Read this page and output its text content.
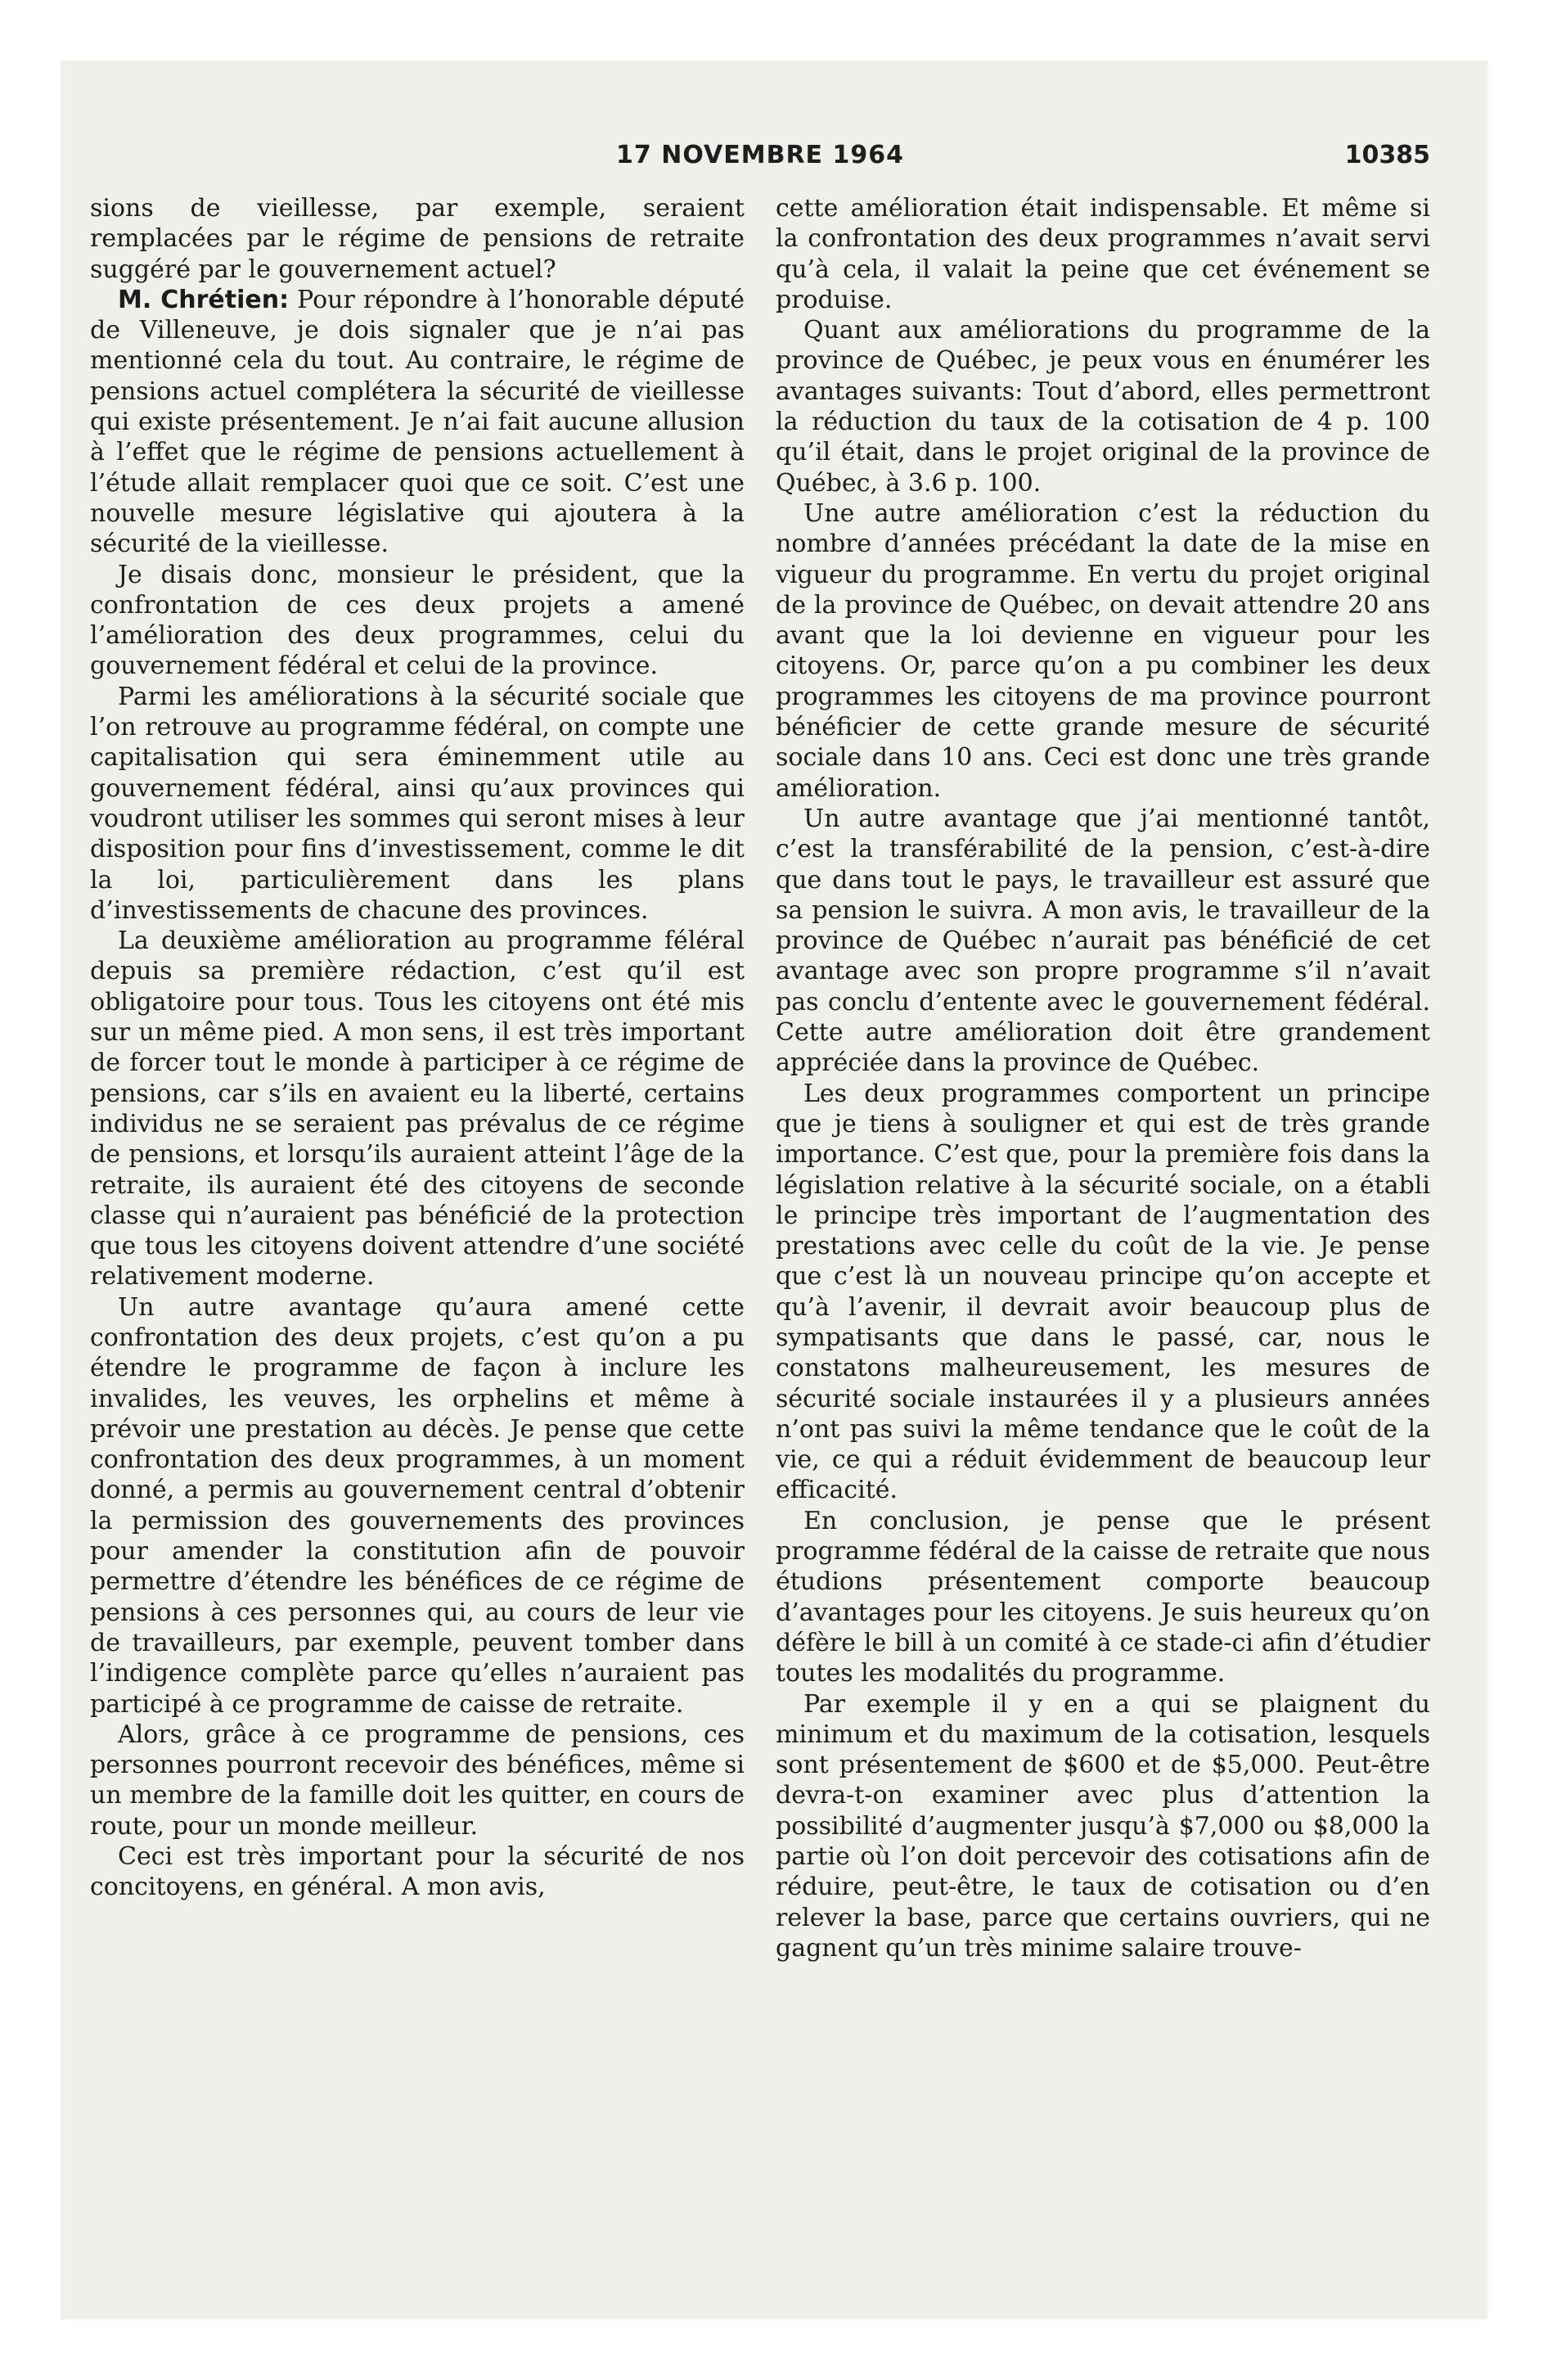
17 NOVEMBRE 1964	10385

sions de vieillesse, par exemple, seraient remplacées par le régime de pensions de retraite suggéré par le gouvernement actuel?

M. Chrétien: Pour répondre à l’honorable député de Villeneuve, je dois signaler que je n’ai pas mentionné cela du tout. Au contraire, le régime de pensions actuel complétera la sécurité de vieillesse qui existe présentement. Je n’ai fait aucune allusion à l’effet que le régime de pensions actuellement à l’étude allait remplacer quoi que ce soit. C’est une nouvelle mesure législative qui ajoutera à la sécurité de la vieillesse.

Je disais donc, monsieur le président, que la confrontation de ces deux projets a amené l’amélioration des deux programmes, celui du gouvernement fédéral et celui de la province.

Parmi les améliorations à la sécurité sociale que l’on retrouve au programme fédéral, on compte une capitalisation qui sera éminemment utile au gouvernement fédéral, ainsi qu’aux provinces qui voudront utiliser les sommes qui seront mises à leur disposition pour fins d’investissement, comme le dit la loi, particulièrement dans les plans d’investissements de chacune des provinces.

La deuxième amélioration au programme féléral depuis sa première rédaction, c’est qu’il est obligatoire pour tous. Tous les citoyens ont été mis sur un même pied. A mon sens, il est très important de forcer tout le monde à participer à ce régime de pensions, car s’ils en avaient eu la liberté, certains individus ne se seraient pas prévalus de ce régime de pensions, et lorsqu’ils auraient atteint l’âge de la retraite, ils auraient été des citoyens de seconde classe qui n’auraient pas bénéficié de la protection que tous les citoyens doivent attendre d’une société relativement moderne.

Un autre avantage qu’aura amené cette confrontation des deux projets, c’est qu’on a pu étendre le programme de façon à inclure les invalides, les veuves, les orphelins et même à prévoir une prestation au décès. Je pense que cette confrontation des deux programmes, à un moment donné, a permis au gouvernement central d’obtenir la permission des gouvernements des provinces pour amender la constitution afin de pouvoir permettre d’étendre les bénéfices de ce régime de pensions à ces personnes qui, au cours de leur vie de travailleurs, par exemple, peuvent tomber dans l’indigence complète parce qu’elles n’auraient pas participé à ce programme de caisse de retraite.

Alors, grâce à ce programme de pensions, ces personnes pourront recevoir des bénéfices, même si un membre de la famille doit les quitter, en cours de route, pour un monde meilleur.

Ceci est très important pour la sécurité de nos concitoyens, en général. A mon avis,

cette amélioration était indispensable. Et même si la confrontation des deux programmes n’avait servi qu’à cela, il valait la peine que cet événement se produise.

Quant aux améliorations du programme de la province de Québec, je peux vous en énumérer les avantages suivants: Tout d’abord, elles permettront la réduction du taux de la cotisation de 4 p. 100 qu’il était, dans le projet original de la province de Québec, à 3.6 p. 100.

Une autre amélioration c’est la réduction du nombre d’années précédant la date de la mise en vigueur du programme. En vertu du projet original de la province de Québec, on devait attendre 20 ans avant que la loi devienne en vigueur pour les citoyens. Or, parce qu’on a pu combiner les deux programmes les citoyens de ma province pourront bénéficier de cette grande mesure de sécurité sociale dans 10 ans. Ceci est donc une très grande amélioration.

Un autre avantage que j’ai mentionné tantôt, c’est la transférabilité de la pension, c’est-à-dire que dans tout le pays, le travailleur est assuré que sa pension le suivra. A mon avis, le travailleur de la province de Québec n’aurait pas bénéficié de cet avantage avec son propre programme s’il n’avait pas conclu d’entente avec le gouvernement fédéral. Cette autre amélioration doit être grandement appréciée dans la province de Québec.

Les deux programmes comportent un principe que je tiens à souligner et qui est de très grande importance. C’est que, pour la première fois dans la législation relative à la sécurité sociale, on a établi le principe très important de l’augmentation des prestations avec celle du coût de la vie. Je pense que c’est là un nouveau principe qu’on accepte et qu’à l’avenir, il devrait avoir beaucoup plus de sympatisants que dans le passé, car, nous le constatons malheureusement, les mesures de sécurité sociale instaurées il y a plusieurs années n’ont pas suivi la même tendance que le coût de la vie, ce qui a réduit évidemment de beaucoup leur efficacité.

En conclusion, je pense que le présent programme fédéral de la caisse de retraite que nous étudions présentement comporte beaucoup d’avantages pour les citoyens. Je suis heureux qu’on défère le bill à un comité à ce stade-ci afin d’étudier toutes les modalités du programme.

Par exemple il y en a qui se plaignent du minimum et du maximum de la cotisation, lesquels sont présentement de $600 et de $5,000. Peut-être devra-t-on examiner avec plus d’attention la possibilité d’augmenter jusqu’à $7,000 ou $8,000 la partie où l’on doit percevoir des cotisations afin de réduire, peut-être, le taux de cotisation ou d’en relever la base, parce que certains ouvriers, qui ne gagnent qu’un très minime salaire trouve-
